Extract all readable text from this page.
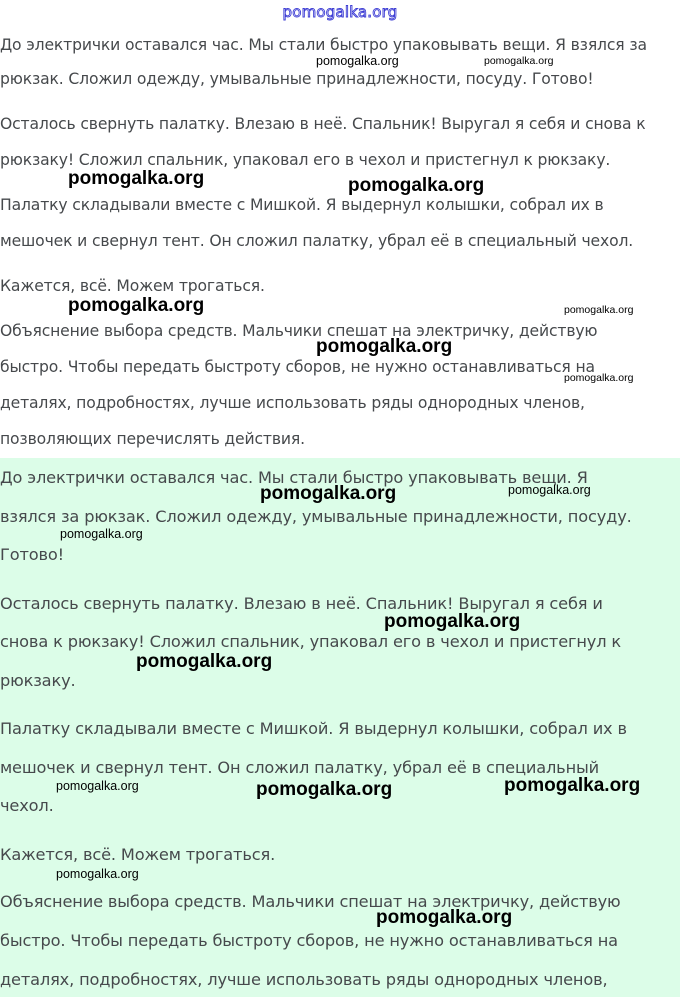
pomogalka.org

До электрички оставался час. Мы стали быстро упаковывать вещи. Я взялся за

рюкзак. Сложил одежду, умывальные принадлежности, посуду. Готово!

Осталось свернуть палатку. Влезаю в неё. Спальник! Выругал я себя и снова к

рюкзаку! Сложил спальник, упаковал его в чехол и пристегнул к рюкзаку.

Палатку складывали вместе с Мишкой. Я выдернул колышки, собрал их в

мешочек и свернул тент. Он сложил палатку, убрал её в специальный чехол.

Кажется, всё. Можем трогаться.

Объяснение выбора средств. Мальчики спешат на электричку, действую

быстро. Чтобы передать быстроту сборов, не нужно останавливаться на

деталях, подробностях, лучше использовать ряды однородных членов,

позволяющих перечислять действия.

До электрички оставался час. Мы стали быстро упаковывать вещи. Я

взялся за рюкзак. Сложил одежду, умывальные принадлежности, посуду.

Готово!

Осталось свернуть палатку. Влезаю в неё. Спальник! Выругал я себя и

снова к рюкзаку! Сложил спальник, упаковал его в чехол и пристегнул к

рюкзаку.

Палатку складывали вместе с Мишкой. Я выдернул колышки, собрал их в

мешочек и свернул тент. Он сложил палатку, убрал её в специальный

чехол.

Кажется, всё. Можем трогаться.

Объяснение выбора средств. Мальчики спешат на электричку, действую

быстро. Чтобы передать быстроту сборов, не нужно останавливаться на

деталях, подробностях, лучше использовать ряды однородных членов,

pomogalka.org	pomogalka.org
pomogalka.org	pomogalka.org
pomogalka.org	pomogalka.org
pomogalka.org
pomogalka.org
pomogalka.org	pomogalka.org
pomogalka.org
pomogalka.org
pomogalka.org
pomogalka.org	pomogalka.org	pomogalka.org
pomogalka.org
pomogalka.org
